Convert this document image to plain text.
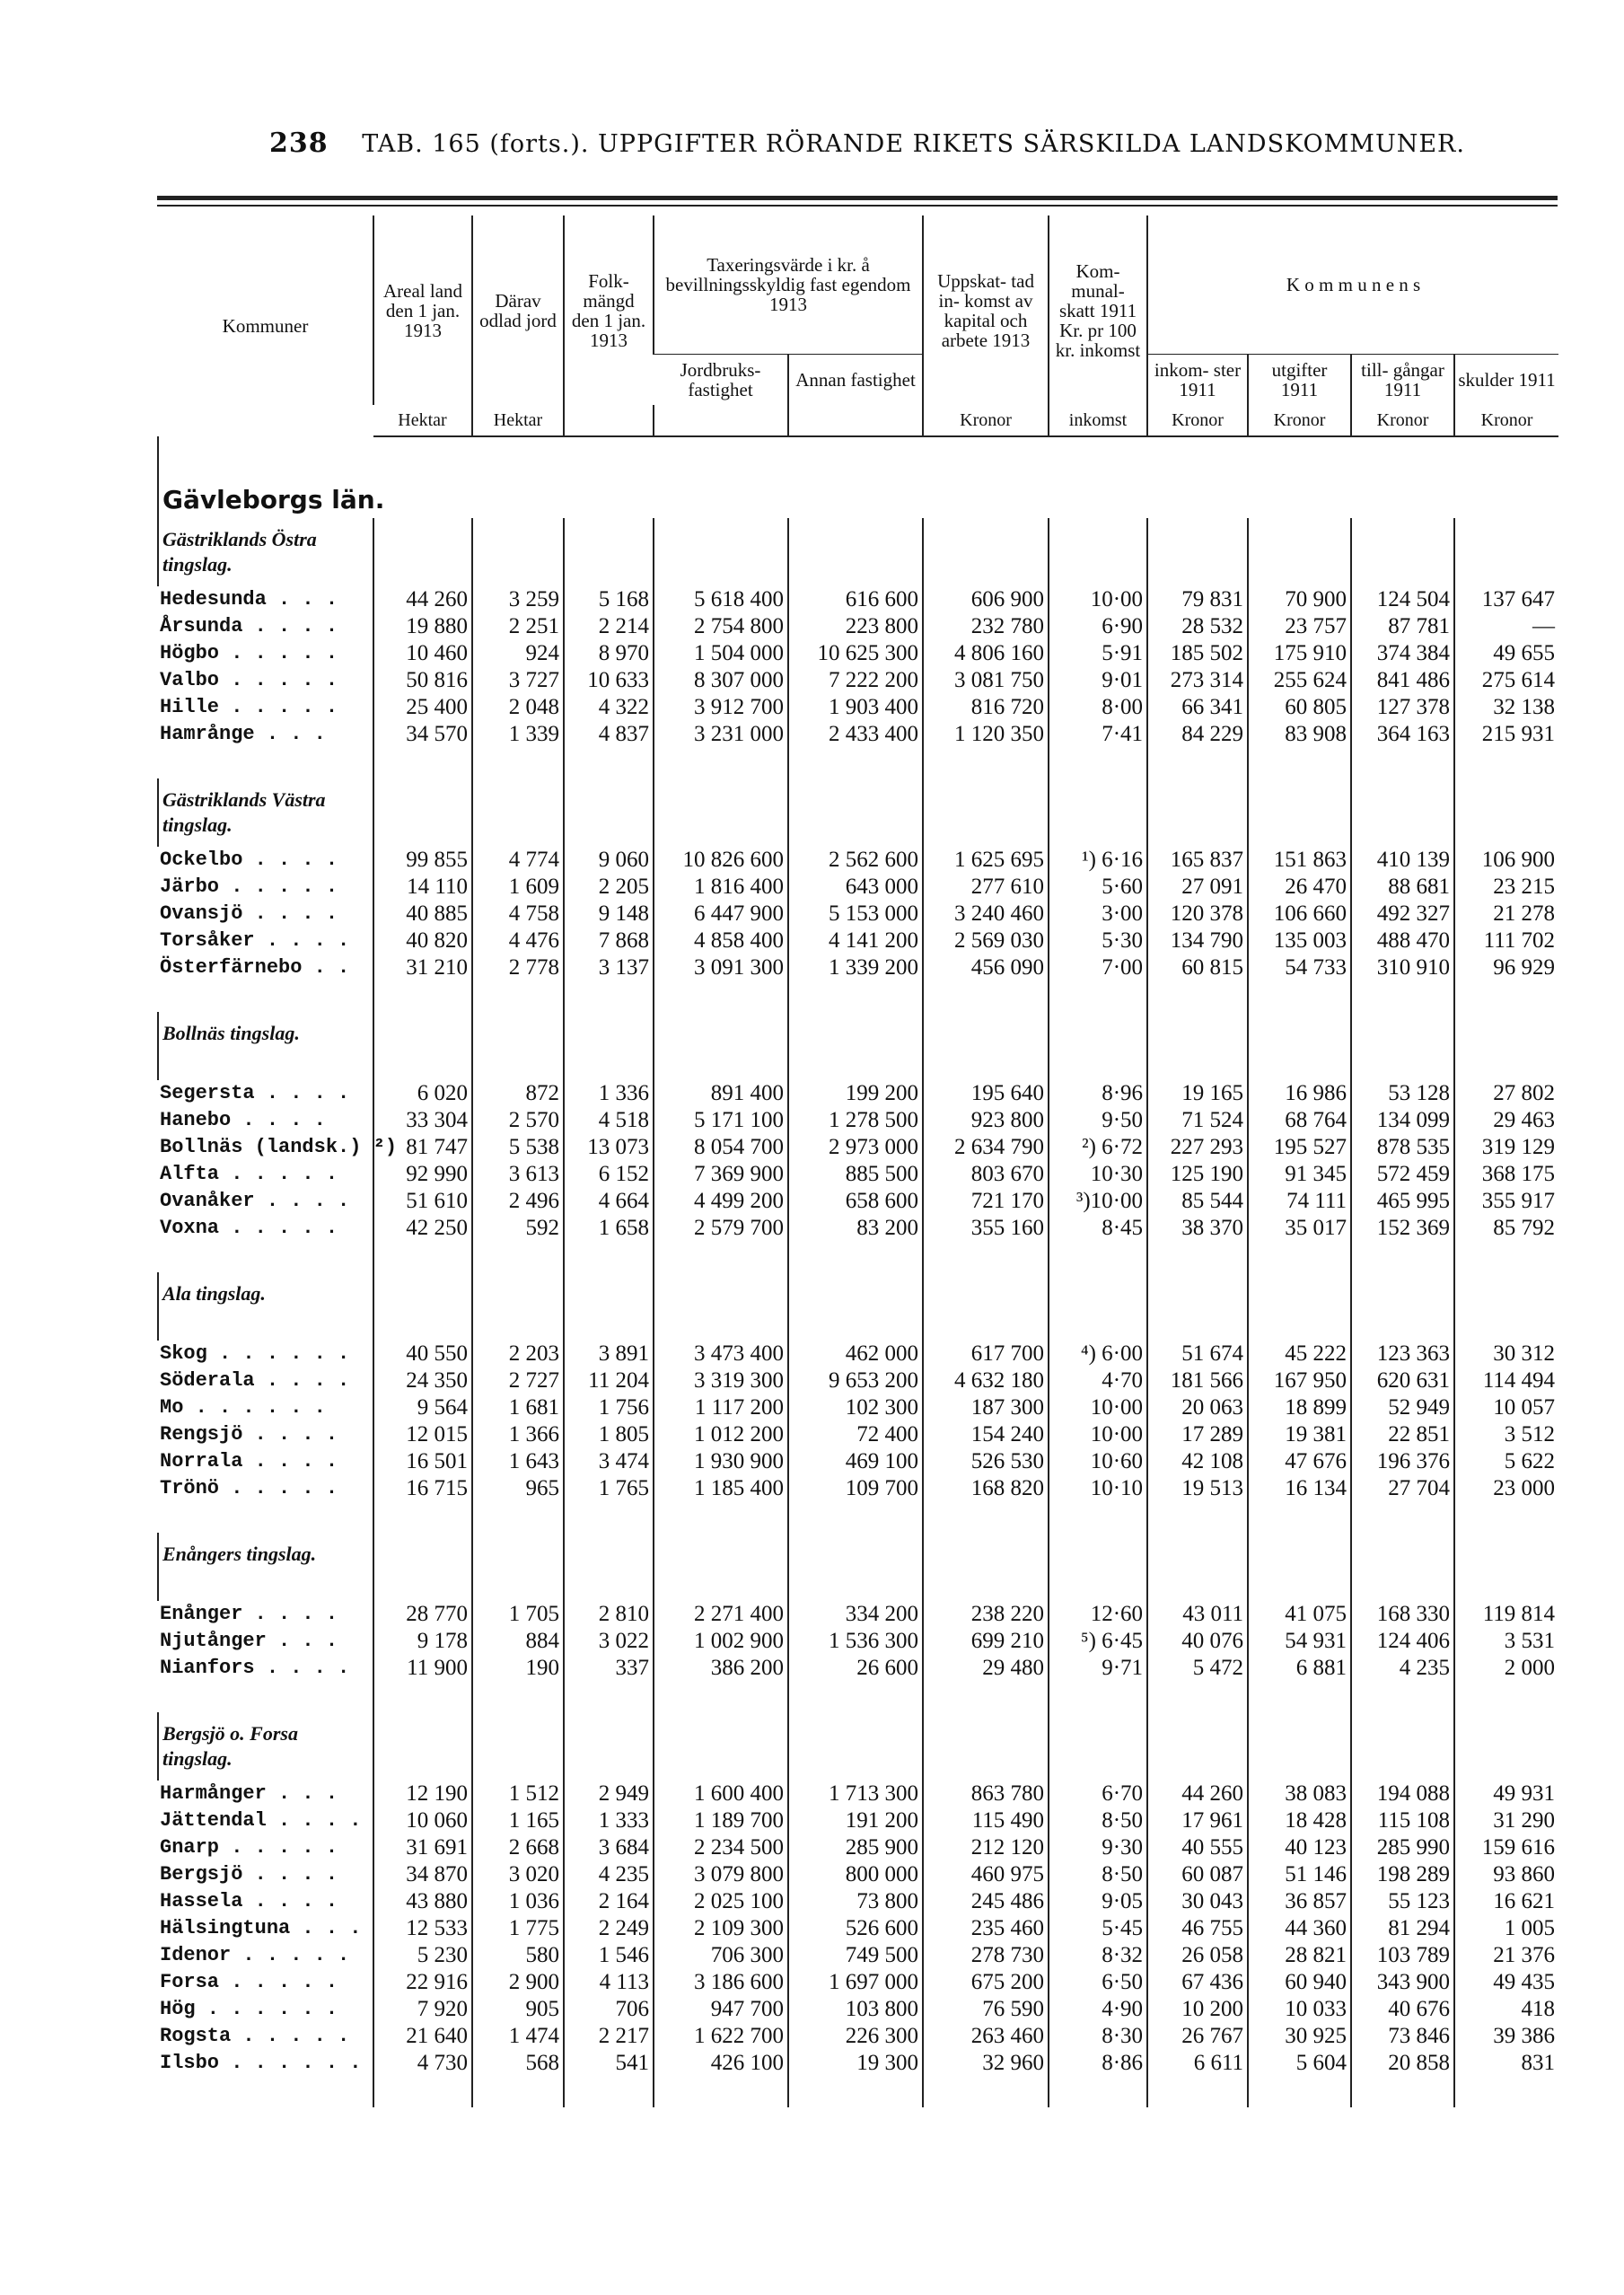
238 TAB. 165 (forts.). UPPGIFTER RÖRANDE RIKETS SÄRSKILDA LANDSKOMMUNER.
Kommuner	Areal land den 1 jan. 1913	Därav odlad jord	Folk- mängd den 1 jan. 1913	Taxeringsvärde i kr. å bevillningsskyldig fast egendom 1913		Uppskat- tad in- komst av kapital och arbete 1913	Kom- munal- skatt 1911 Kr. pr 100 kr. inkomst	K o m m u n e n s			
				Jordbruks- fastighet	Annan fastighet			inkom- ster 1911	utgifter 1911	till- gångar 1911	skulder 1911
	Hektar	Hektar				Kronor	inkomst	Kronor	Kronor	Kronor	Kronor
Gävleborgs län.											
Gästriklands Östra tingslag.											
Hedesunda . . .	44 260	3 259	5 168	5 618 400	616 600	606 900	10·00	79 831	70 900	124 504	137 647
Årsunda . . . .	19 880	2 251	2 214	2 754 800	223 800	232 780	6·90	28 532	23 757	87 781	—
Högbo . . . . .	10 460	924	8 970	1 504 000	10 625 300	4 806 160	5·91	185 502	175 910	374 384	49 655
Valbo . . . . .	50 816	3 727	10 633	8 307 000	7 222 200	3 081 750	9·01	273 314	255 624	841 486	275 614
Hille . . . . .	25 400	2 048	4 322	3 912 700	1 903 400	816 720	8·00	66 341	60 805	127 378	32 138
Hamrånge . . .	34 570	1 339	4 837	3 231 000	2 433 400	1 120 350	7·41	84 229	83 908	364 163	215 931

Gästriklands Västra tingslag.											
Ockelbo . . . .	99 855	4 774	9 060	10 826 600	2 562 600	1 625 695	¹) 6·16	165 837	151 863	410 139	106 900
Järbo . . . . .	14 110	1 609	2 205	1 816 400	643 000	277 610	5·60	27 091	26 470	88 681	23 215
Ovansjö . . . .	40 885	4 758	9 148	6 447 900	5 153 000	3 240 460	3·00	120 378	106 660	492 327	21 278
Torsåker . . . .	40 820	4 476	7 868	4 858 400	4 141 200	2 569 030	5·30	134 790	135 003	488 470	111 702
Österfärnebo . .	31 210	2 778	3 137	3 091 300	1 339 200	456 090	7·00	60 815	54 733	310 910	96 929

Bollnäs tingslag.											
Segersta . . . .	6 020	872	1 336	891 400	199 200	195 640	8·96	19 165	16 986	53 128	27 802
Hanebo . . . .	33 304	2 570	4 518	5 171 100	1 278 500	923 800	9·50	71 524	68 764	134 099	29 463
Bollnäs (landsk.) ²)	81 747	5 538	13 073	8 054 700	2 973 000	2 634 790	²) 6·72	227 293	195 527	878 535	319 129
Alfta . . . . .	92 990	3 613	6 152	7 369 900	885 500	803 670	10·30	125 190	91 345	572 459	368 175
Ovanåker . . . .	51 610	2 496	4 664	4 499 200	658 600	721 170	³)10·00	85 544	74 111	465 995	355 917
Voxna . . . . .	42 250	592	1 658	2 579 700	83 200	355 160	8·45	38 370	35 017	152 369	85 792

Ala tingslag.											
Skog . . . . . .	40 550	2 203	3 891	3 473 400	462 000	617 700	⁴) 6·00	51 674	45 222	123 363	30 312
Söderala . . . .	24 350	2 727	11 204	3 319 300	9 653 200	4 632 180	4·70	181 566	167 950	620 631	114 494
Mo . . . . . .	9 564	1 681	1 756	1 117 200	102 300	187 300	10·00	20 063	18 899	52 949	10 057
Rengsjö . . . .	12 015	1 366	1 805	1 012 200	72 400	154 240	10·00	17 289	19 381	22 851	3 512
Norrala . . . .	16 501	1 643	3 474	1 930 900	469 100	526 530	10·60	42 108	47 676	196 376	5 622
Trönö . . . . .	16 715	965	1 765	1 185 400	109 700	168 820	10·10	19 513	16 134	27 704	23 000

Enångers tingslag.											
Enånger . . . .	28 770	1 705	2 810	2 271 400	334 200	238 220	12·60	43 011	41 075	168 330	119 814
Njutånger . . .	9 178	884	3 022	1 002 900	1 536 300	699 210	⁵) 6·45	40 076	54 931	124 406	3 531
Nianfors . . . .	11 900	190	337	386 200	26 600	29 480	9·71	5 472	6 881	4 235	2 000

Bergsjö o. Forsa tingslag.											
Harmånger . . .	12 190	1 512	2 949	1 600 400	1 713 300	863 780	6·70	44 260	38 083	194 088	49 931
Jättendal . . . .	10 060	1 165	1 333	1 189 700	191 200	115 490	8·50	17 961	18 428	115 108	31 290
Gnarp . . . . .	31 691	2 668	3 684	2 234 500	285 900	212 120	9·30	40 555	40 123	285 990	159 616
Bergsjö . . . .	34 870	3 020	4 235	3 079 800	800 000	460 975	8·50	60 087	51 146	198 289	93 860
Hassela . . . .	43 880	1 036	2 164	2 025 100	73 800	245 486	9·05	30 043	36 857	55 123	16 621
Hälsingtuna . . .	12 533	1 775	2 249	2 109 300	526 600	235 460	5·45	46 755	44 360	81 294	1 005
Idenor . . . . .	5 230	580	1 546	706 300	749 500	278 730	8·32	26 058	28 821	103 789	21 376
Forsa . . . . .	22 916	2 900	4 113	3 186 600	1 697 000	675 200	6·50	67 436	60 940	343 900	49 435
Hög . . . . . .	7 920	905	706	947 700	103 800	76 590	4·90	10 200	10 033	40 676	418
Rogsta . . . . .	21 640	1 474	2 217	1 622 700	226 300	263 460	8·30	26 767	30 925	73 846	39 386
Ilsbo . . . . . .	4 730	568	541	426 100	19 300	32 960	8·86	6 611	5 604	20 858	831
